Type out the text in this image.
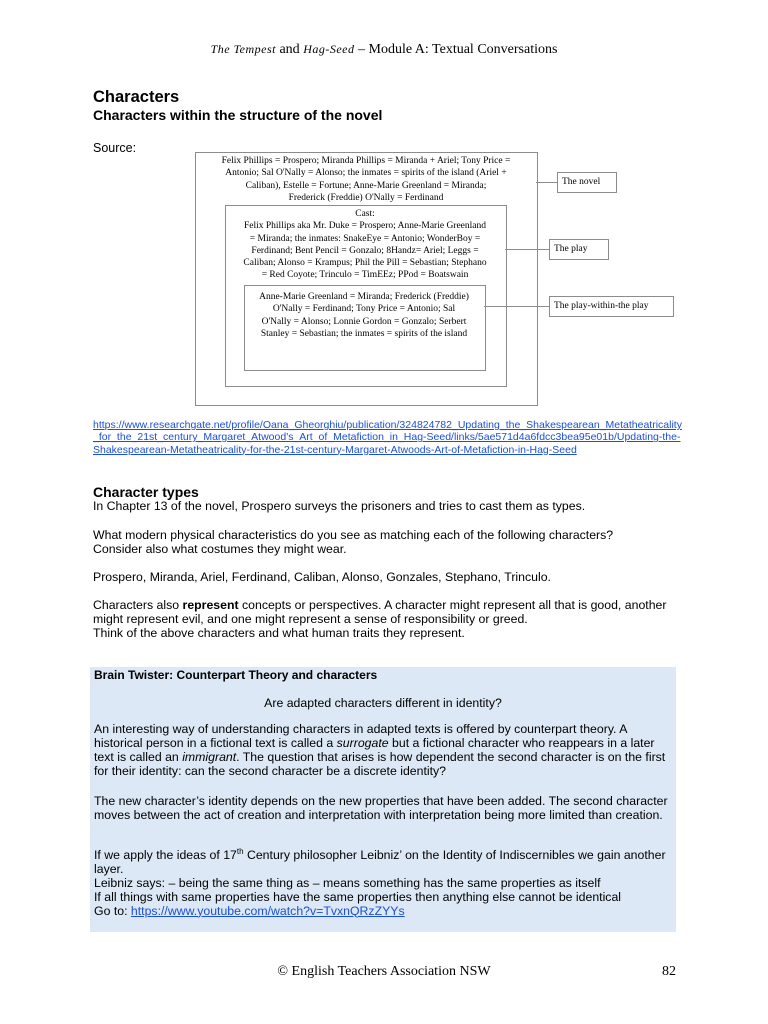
The Tempest and Hag-Seed – Module A: Textual Conversations
Characters
Characters within the structure of the novel
Source:
Felix Phillips = Prospero; Miranda Phillips = Miranda + Ariel; Tony Price =
Antonio; Sal O'Nally = Alonso; the inmates = spirits of the island (Ariel +
Caliban), Estelle = Fortune; Anne-Marie Greenland = Miranda;
Frederick (Freddie) O'Nally = Ferdinand
Cast:
Felix Phillips aka Mr. Duke = Prospero; Anne-Marie Greenland
= Miranda; the inmates: SnakeEye = Antonio; WonderBoy =
Ferdinand; Bent Pencil = Gonzalo; 8Handz= Ariel; Leggs =
Caliban; Alonso = Krampus; Phil the Pill = Sebastian; Stephano
= Red Coyote; Trinculo = TimEEz; PPod = Boatswain
Anne-Marie Greenland = Miranda; Frederick (Freddie)
O'Nally = Ferdinand; Tony Price = Antonio; Sal
O'Nally = Alonso; Lonnie Gordon = Gonzalo; Serbert
Stanley = Sebastian; the inmates = spirits of the island
The novel
The play
The play-within-the play
https://www.researchgate.net/profile/Oana_Gheorghiu/publication/324824782_Updating_the_Shakespearean_Metatheatricality_for_the_21st_century_Margaret_Atwood's_Art_of_Metafiction_in_Hag-Seed/links/5ae571d4a6fdcc3bea95e01b/Updating-the-Shakespearean-Metatheatricality-for-the-21st-century-Margaret-Atwoods-Art-of-Metafiction-in-Hag-Seed
Character types
In Chapter 13 of the novel, Prospero surveys the prisoners and tries to cast them as types.
What modern physical characteristics do you see as matching each of the following characters?
Consider also what costumes they might wear.
Prospero, Miranda, Ariel, Ferdinand, Caliban, Alonso, Gonzales, Stephano, Trinculo.
Characters also represent concepts or perspectives. A character might represent all that is good, another might represent evil, and one might represent a sense of responsibility or greed.
Think of the above characters and what human traits they represent.
Brain Twister: Counterpart Theory and characters
Are adapted characters different in identity?
An interesting way of understanding characters in adapted texts is offered by counterpart theory. A historical person in a fictional text is called a surrogate but a fictional character who reappears in a later text is called an immigrant. The question that arises is how dependent the second character is on the first for their identity: can the second character be a discrete identity?
The new character’s identity depends on the new properties that have been added. The second character moves between the act of creation and interpretation with interpretation being more limited than creation.
If we apply the ideas of 17th Century philosopher Leibniz’ on the Identity of Indiscernibles we gain another layer.
Leibniz says: – being the same thing as – means something has the same properties as itself
If all things with same properties have the same properties then anything else cannot be identical
Go to: https://www.youtube.com/watch?v=TvxnQRzZYYs
© English Teachers Association NSW	82
